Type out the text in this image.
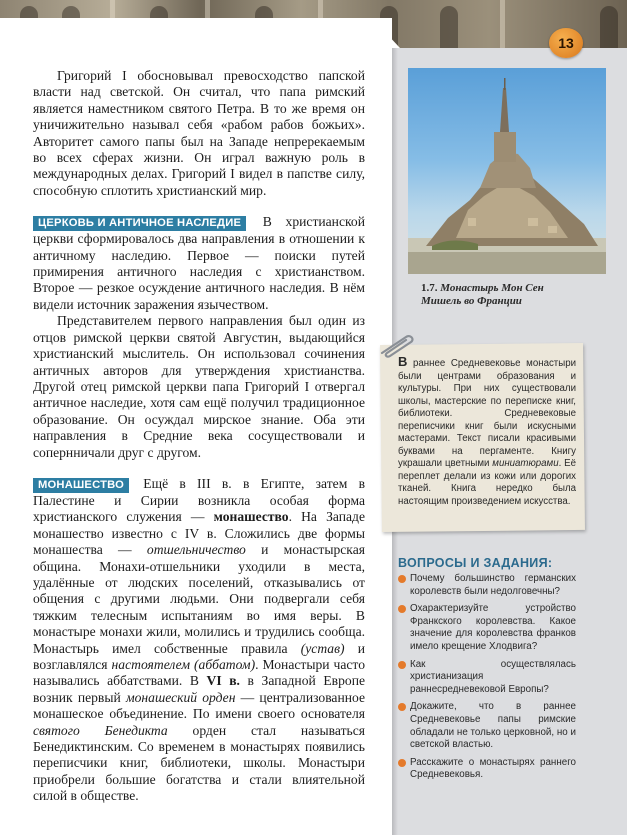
13

Григорий I обосновывал превосходство папской власти над светской. Он считал, что папа римский является наместником святого Петра. В то же время он уничижительно называл себя «рабом рабов божьих». Авторитет самого папы был на Западе непререкаемым во всех сферах жизни. Он играл важную роль в международных делах. Григорий I видел в папстве силу, способную сплотить христианский мир.

ЦЕРКОВЬ И АНТИЧНОЕ НАСЛЕДИЕ В христианской церкви сформировалось два направления в отношении к античному наследию. Первое — поиски путей примирения античного наследия с христианством. Второе — резкое осуждение античного наследия. В нём видели источник заражения язычеством.

Представителем первого направления был один из отцов римской церкви святой Августин, выдающийся христианский мыслитель. Он использовал сочинения античных авторов для утверждения христианства. Другой отец римской церкви папа Григорий I отвергал античное наследие, хотя сам ещё получил традиционное образование. Он осуждал мирское знание. Оба эти направления в Средние века сосуществовали и сопернничали друг с другом.

МОНАШЕСТВО Ещё в III в. в Египте, затем в Палестине и Сирии возникла особая форма христианского служения — монашество. На Западе монашество известно с IV в. Сложились две формы монашества — отшельничество и монастырская община. Монахи-отшельники уходили в места, удалённые от людских поселений, отказывались от общения с другими людьми. Они подвергали себя тяжким телесным испытаниям во имя веры. В монастыре монахи жили, молились и трудились сообща. Монастырь имел собственные правила (устав) и возглавлялся настоятелем (аббатом). Монастыри часто назывались аббатствами. В VI в. в Западной Европе возник первый монашеский орден — централизованное монашеское объединение. По имени своего основателя святого Бенедикта орден стал называться Бенедиктинским. Со временем в монастырях появились переписчики книг, библиотеки, школы. Монастыри приобрели большие богатства и стали влиятельной силой в обществе.

1.7. Монастырь Мон Сен Мишель во Франции
В раннее Средневековье монастыри были центрами образования и культуры. При них существовали школы, мастерские по переписке книг, библиотеки. Средневековые переписчики книг были искусными мастерами. Текст писали красивыми буквами на пергаменте. Книгу украшали цветными миниатюрами. Её переплет делали из кожи или дорогих тканей. Книга нередко была настоящим произведением искусства.
ВОПРОСЫ И ЗАДАНИЯ:
Почему большинство германских королевств были недолговечны?
Охарактеризуйте устройство Франкского королевства. Какое значение для королевства франков имело крещение Хлодвига?
Как осуществлялась христианизация раннесредневековой Европы?
Докажите, что в раннее Средневековье папы римские обладали не только церковной, но и светской властью.
Расскажите о монастырях раннего Средневековья.
